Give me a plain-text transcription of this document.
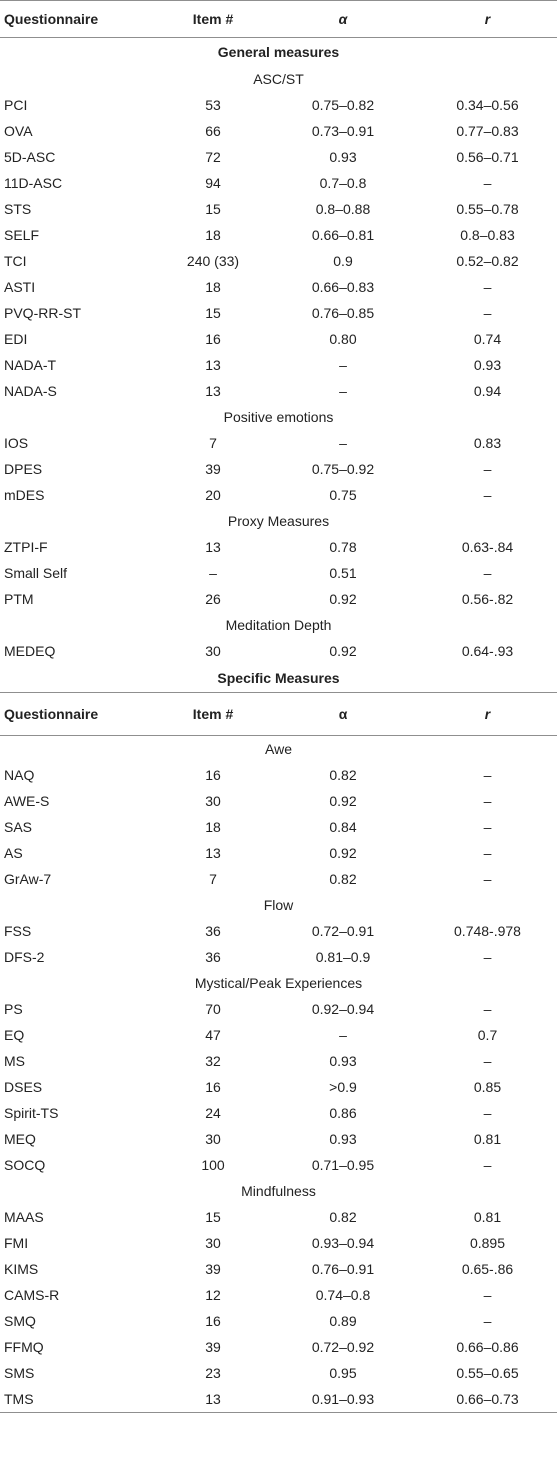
Questionnaire	Item #	α	r
General measures			
ASC/ST			
PCI	53	0.75–0.82	0.34–0.56
OVA	66	0.73–0.91	0.77–0.83
5D-ASC	72	0.93	0.56–0.71
11D-ASC	94	0.7–0.8	–
STS	15	0.8–0.88	0.55–0.78
SELF	18	0.66–0.81	0.8–0.83
TCI	240 (33)	0.9	0.52–0.82
ASTI	18	0.66–0.83	–
PVQ-RR-ST	15	0.76–0.85	–
EDI	16	0.80	0.74
NADA-T	13	–	0.93
NADA-S	13	–	0.94
Positive emotions			
IOS	7	–	0.83
DPES	39	0.75–0.92	–
mDES	20	0.75	–
Proxy Measures			
ZTPI-F	13	0.78	0.63-.84
Small Self	–	0.51	–
PTM	26	0.92	0.56-.82
Meditation Depth			
MEDEQ	30	0.92	0.64-.93
Specific Measures			
Questionnaire	Item #	α	r
Awe			
NAQ	16	0.82	–
AWE-S	30	0.92	–
SAS	18	0.84	–
AS	13	0.92	–
GrAw-7	7	0.82	–
Flow			
FSS	36	0.72–0.91	0.748-.978
DFS-2	36	0.81–0.9	–
Mystical/Peak Experiences			
PS	70	0.92–0.94	–
EQ	47	–	0.7
MS	32	0.93	–
DSES	16	>0.9	0.85
Spirit-TS	24	0.86	–
MEQ	30	0.93	0.81
SOCQ	100	0.71–0.95	–
Mindfulness			
MAAS	15	0.82	0.81
FMI	30	0.93–0.94	0.895
KIMS	39	0.76–0.91	0.65-.86
CAMS-R	12	0.74–0.8	–
SMQ	16	0.89	–
FFMQ	39	0.72–0.92	0.66–0.86
SMS	23	0.95	0.55–0.65
TMS	13	0.91–0.93	0.66–0.73
